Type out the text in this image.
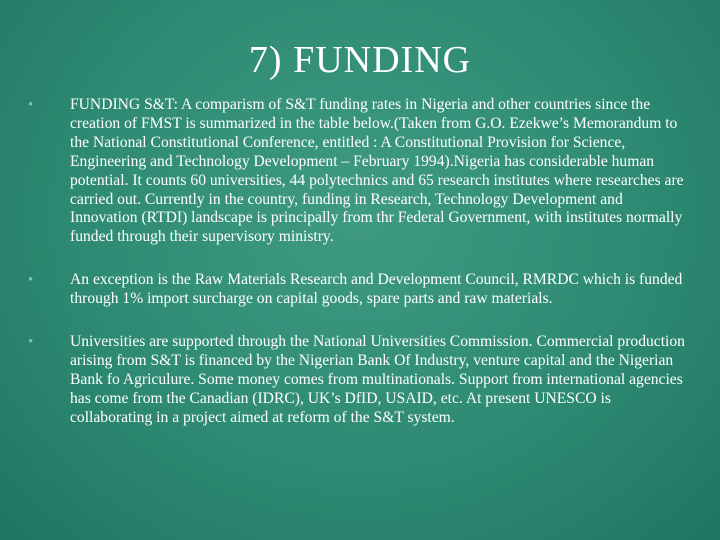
7) FUNDING
• FUNDING S&T: A comparism of S&T funding rates in Nigeria and other countries since the creation of FMST is summarized in the table below.(Taken from G.O. Ezekwe’s Memorandum to the National Constitutional Conference, entitled : A Constitutional Provision for Science, Engineering and Technology Development – February 1994).Nigeria has considerable human potential. It counts 60 universities, 44 polytechnics and 65 research institutes where researches are carried out. Currently in the country, funding in Research, Technology Development and Innovation (RTDI) landscape is principally from thr Federal Government, with institutes normally funded through their supervisory ministry.
• An exception is the Raw Materials Research and Development Council, RMRDC which is funded through 1% import surcharge on capital goods, spare parts and raw materials.
• Universities are supported through the National Universities Commission. Commercial production arising from S&T is financed by the Nigerian Bank Of Industry, venture capital and the Nigerian Bank fo Agriculure. Some money comes from multinationals. Support from international agencies has come from the Canadian (IDRC), UK’s DfID, USAID, etc. At present UNESCO is collaborating in a project aimed at reform of the S&T system.
